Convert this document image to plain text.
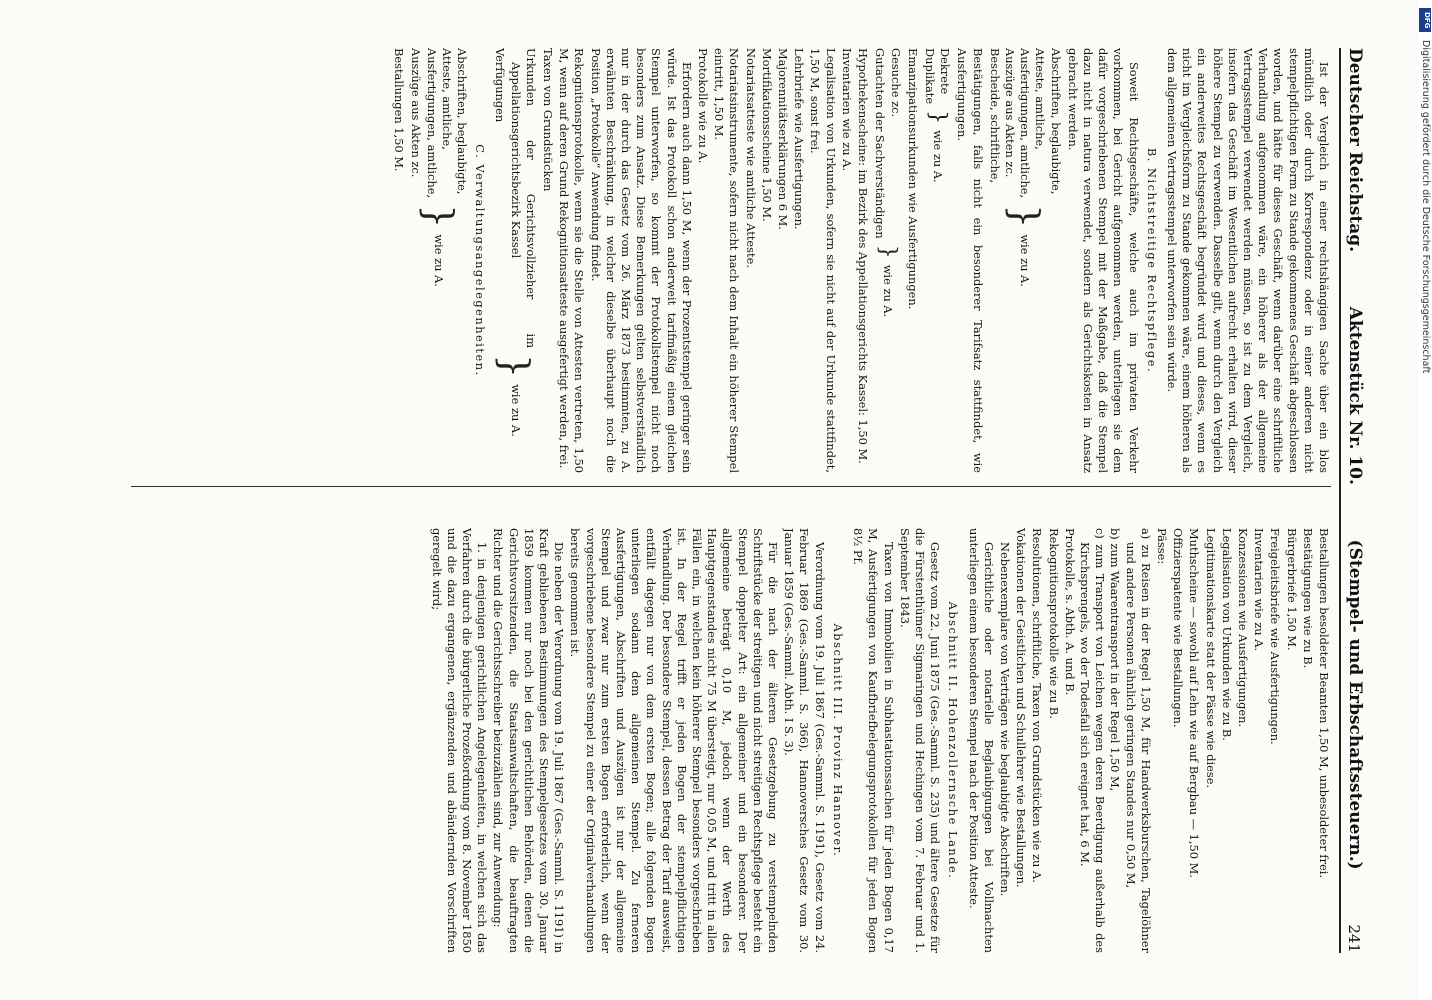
Deutscher Reichstag.
Aktenstück Nr. 10.
(Stempel- und Erbschaftssteuern.)
241

Ist der Vergleich in einer rechtshängigen Sache über ein blos mündlich oder durch Korrespondenz oder in einer anderen nicht stempelpflichtigen Form zu Stande gekommenes Geschäft abgeschlossen worden, und hätte für dieses Geschäft, wenn darüber eine schriftliche Verhandlung aufgenommen wäre, ein höherer als der allgemeine Vertragsstempel verwendet werden müssen, so ist zu dem Vergleich, insofern das Geschäft im Wesentlichen aufrecht erhalten wird, dieser höhere Stempel zu verwenden. Dasselbe gilt, wenn durch den Vergleich ein anderweites Rechtsgeschäft begründet wird und dieses, wenn es nicht im Vergleichsform zu Stande gekommen wäre, einem höheren als dem allgemeinen Vertragsstempel unterworfen sein würde.

B. Nichtstreitige Rechtspflege.

Soweit Rechtsgeschäfte, welche auch im privaten Verkehr vorkommen, bei Gericht aufgenommen werden, unterliegen sie dem dafür vorgeschriebenen Stempel mit der Maßgabe, daß die Stempel dazu nicht in natura verwendet, sondern als Gerichtskosten in Ansatz gebracht werden.

Abschriften, beglaubigte,
Atteste, amtliche,
Ausfertigungen, amtliche,
Auszüge aus Akten zc.
Bescheide, schriftliche,
}
wie zu A.

Bestätigungen, falls nicht ein besonderer Tarifsatz stattfindet, wie Ausfertigungen.

Dekrete
Duplikate
}
wie zu A.

Emanzipationsurkunden wie Ausfertigungen.

Gesuche zc.
Gutachten der Sachverständigen
}
wie zu A.

Hypothekenscheine: im Bezirk des Appellationsgerichts Kassel: 1,50 M.

Inventarien wie zu A.

Legalisation von Urkunden, sofern sie nicht auf der Urkunde stattfindet, 1,50 M, sonst frei.

Lehrbriefe wie Ausfertigungen.

Majorennitätserklärungen 6 M.

Mortifikationsscheine 1,50 M.

Notariatsatteste wie amtliche Atteste.

Notariatsinstrumente, sofern nicht nach dem Inhalt ein höherer Stempel eintritt, 1,50 M.

Protokolle wie zu A.

Erfordern auch dann 1,50 M, wenn der Prozentstempel geringer sein würde. Ist das Protokoll schon anderweit tarifmäßig einem gleichen Stempel unterworfen, so kommt der Protokollstempel nicht noch besonders zum Ansatz. Diese Bemerkungen gelten selbstverständlich nur in der durch das Gesetz vom 26. März 1873 bestimmten, zu A. erwähnten Beschränkung, in welcher dieselbe überhaupt noch die Position „Protokolle“ Anwendung findet.

Rekognitionsprotokolle, wenn sie die Stelle von Attesten vertreten, 1,50 M, wenn auf deren Grund Rekognitionsatteste ausgefertigt werden, frei.

Taxen von Grundstücken

Urkunden der Gerichtsvollzieher im Appellationsgerichtsbezirk Kassel
Verfügungen
}
wie zu A.
C. Verwaltungsangelegenheiten.
Abschriften, beglaubigte,
Atteste, amtliche,
Ausfertigungen, amtliche,
Auszüge aus Akten zc.
}
wie zu A.

Bestallungen 1,50 M.

Bestallungen besoldeter Beamten 1,50 M, unbesoldeter frei.

Bestätigungen wie zu B.

Bürgerbriefe 1,50 M.

Freigeleitsbriefe wie Ausfertigungen.

Inventarien wie zu A.

Konzessionen wie Ausfertigungen.

Legalisation von Urkunden wie zu B.

Legitimationskarte statt der Pässe wie diese.

Muthscheine — sowohl auf Lehn wie auf Bergbau — 1,50 M.

Offizierspatente wie Bestallungen.

Pässe:

a) zu Reisen in der Regel 1,50 M, für Handwerksburschen, Tagelöhner und andere Personen ähnlich geringen Standes nur 0,50 M,
b) zum Waarentransport in der Regel 1,50 M,
c) zum Transport von Leichen wegen deren Beerdigung außerhalb des Kirchsprengels, wo der Todesfall sich ereignet hat, 6 M.

Protokolle, s. Abth. A. und B.

Rekognitionsprotokolle wie zu B.

Resolutionen, schriftliche, Taxen von Grundstücken wie zu A.

Vokationen der Geistlichen und Schullehrer wie Bestallungen.

Nebenexemplare von Verträgen wie beglaubigte Abschriften.

Gerichtliche oder notarielle Beglaubigungen bei Vollmachten unterliegen einem besonderen Stempel nach der Position Atteste.

Abschnitt II. Hohenzollernsche Lande.

Gesetz vom 22. Juni 1875 (Ges.-Samml. S. 235) und ältere Gesetze für die Fürstenthümer Sigmaringen und Hechingen vom 7. Februar und 1. September 1843.

Taxen von Immobilien in Subhastationssachen für jeden Bogen 0,17 M, Ausfertigungen von Kaufbriefbelegungsprotokollen für jeden Bogen 8½ Pf.

Abschnitt III. Provinz Hannover.

Verordnung vom 19. Juli 1867 (Ges.-Samml. S. 1191), Gesetz vom 24. Februar 1869 (Ges.-Samml. S. 366), Hannoversches Gesetz vom 30. Januar 1859 (Ges.-Samml. Abth. I S. 3).

Für die nach der älteren Gesetzgebung zu verstempelnden Schriftstücke der streitigen und nicht streitigen Rechtspflege besteht ein Stempel doppelter Art: ein allgemeiner und ein besonderer. Der allgemeine beträgt 0,10 M, jedoch wenn der Werth des Hauptgegenstandes nicht 75 M übersteigt, nur 0,05 M, und tritt in allen Fällen ein, in welchen kein höherer Stempel besonders vorgeschrieben ist. In der Regel trifft er jeden Bogen der stempelpflichtigen Verhandlung. Der besondere Stempel, dessen Betrag der Tarif ausweist, entfällt dagegen nur von dem ersten Bogen; alle folgenden Bogen unterliegen sodann dem allgemeinen Stempel. Zu ferneren Ausfertigungen, Abschriften und Auszügen ist nur der allgemeine Stempel und zwar nur zum ersten Bogen erforderlich, wenn der vorgeschriebene besondere Stempel zu einer der Originalverhandlungen bereits genommen ist.

Die neben der Verordnung vom 19. Juli 1867 (Ges.-Samml. S. 1191) in Kraft gebliebenen Bestimmungen des Stempelgesetzes vom 30. Januar 1859 kommen nur noch bei den gerichtlichen Behörden, denen die Gerichtsvorsitzenden, die Staatsanwaltschaften, die beauftragten Richter und die Gerichtsschreiber beizuzählen sind, zur Anwendung:

1. in denjenigen gerichtlichen Angelegenheiten, in welchen sich das Verfahren durch die bürgerliche Prozeßordnung vom 8. November 1850 und die dazu ergangenen, ergänzenden und abändernden Vorschriften geregelt wird;

DFG
Digitalisierung gefördert durch die Deutsche Forschungsgemeinschaft
